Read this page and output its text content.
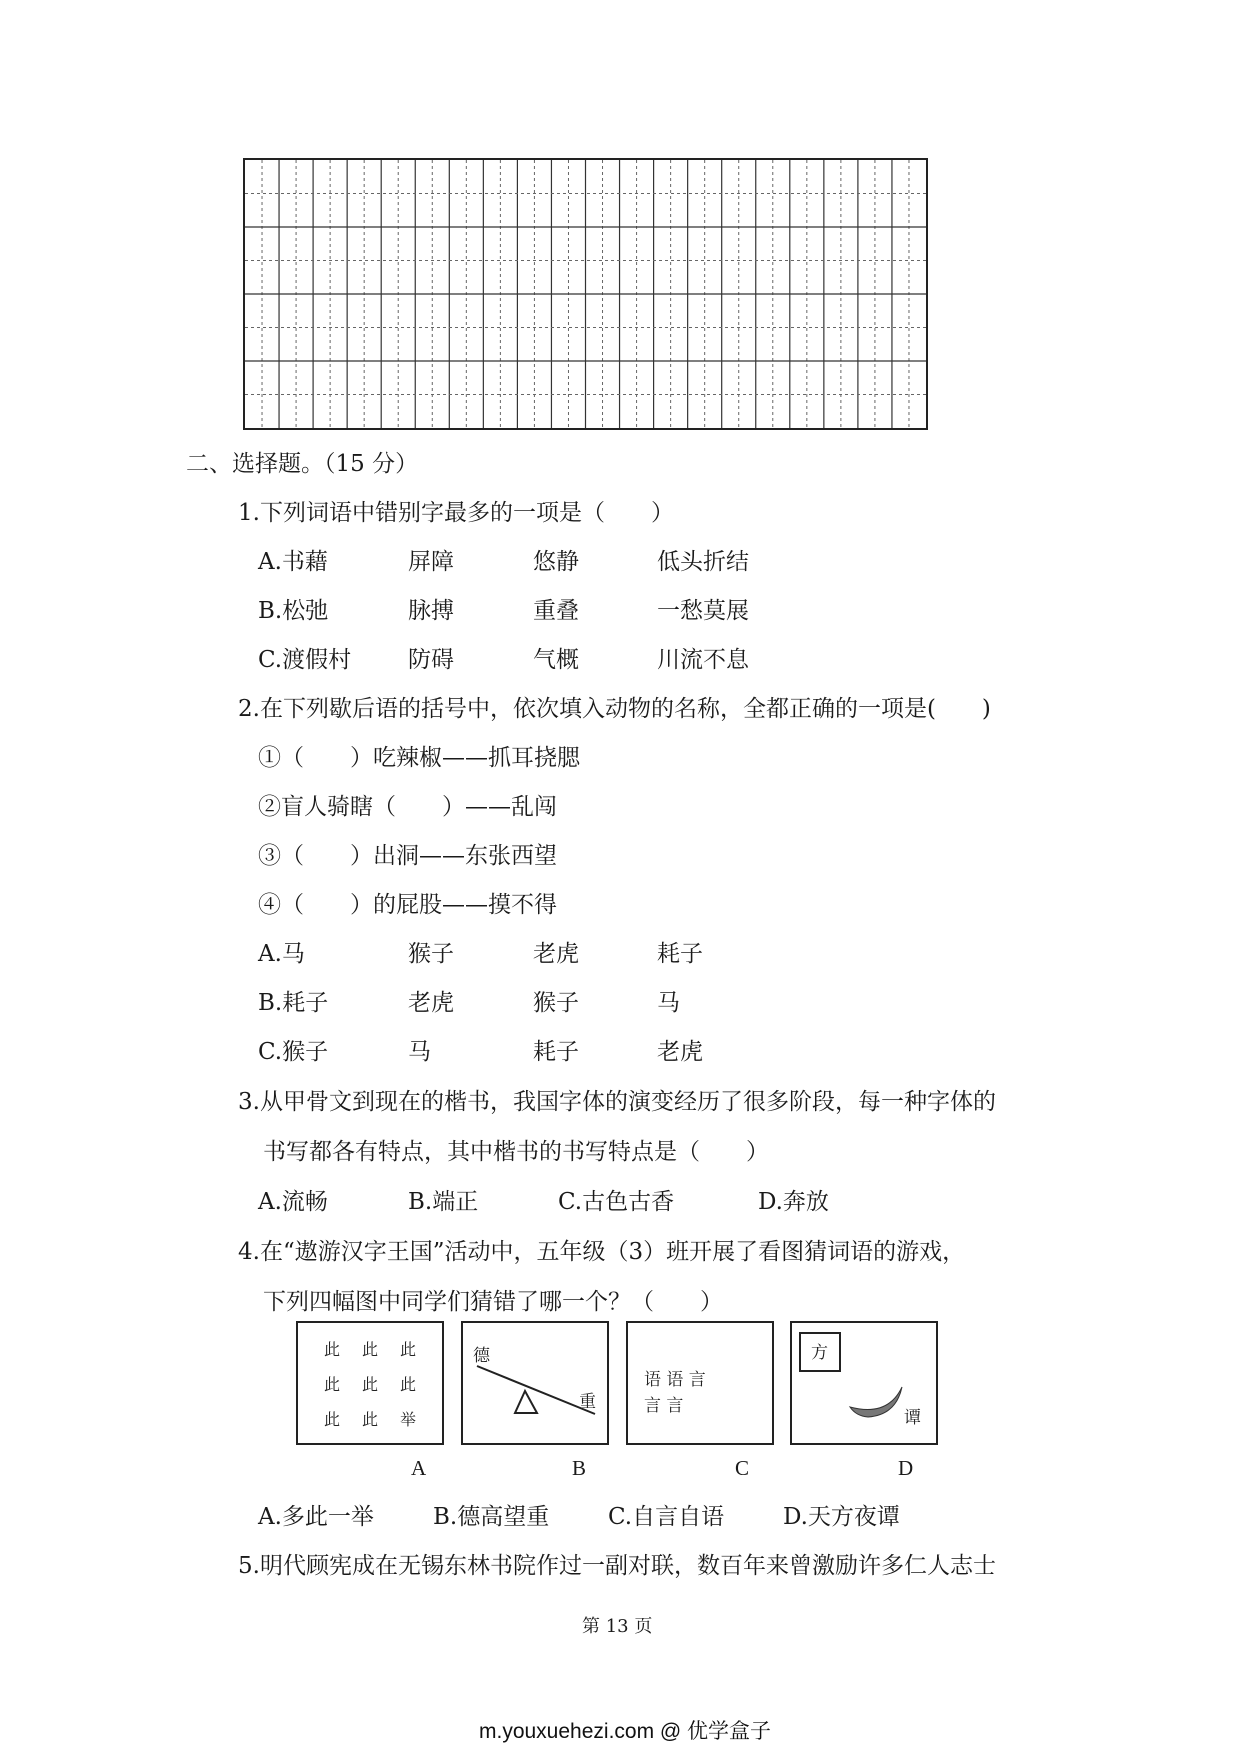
二、选择题。（15 分）
1.下列词语中错别字最多的一项是（　　）
A.书藉	屏障	悠静	低头折结
B.松弛	脉搏	重叠	一愁莫展
C.渡假村 防碍	气概	川流不息
2.在下列歇后语的括号中，依次填入动物的名称，全都正确的一项是(　　)
①（　　）吃辣椒——抓耳挠腮
②盲人骑瞎（　　）——乱闯
③（　　）出洞——东张西望
④（　　）的屁股——摸不得
A.马	猴子	老虎	耗子
B.耗子	老虎	猴子	马
C.猴子	马	耗子	老虎
3.从甲骨文到现在的楷书，我国字体的演变经历了很多阶段，每一种字体的
书写都各有特点，其中楷书的书写特点是（　　）
A.流畅	B.端正	C.古色古香	D.奔放
4.在“遨游汉字王国”活动中，五年级（3）班开展了看图猜词语的游戏，
下列四幅图中同学们猜错了哪一个？（　　）
此 此 此
此 此 此
此 此 举
德
重
语 语 言
言 言
方
谭
A	B	C	D
A.多此一举	B.德高望重	C.自言自语	D.天方夜谭
5.明代顾宪成在无锡东林书院作过一副对联，数百年来曾激励许多仁人志士
第 13 页
m.youxuehezi.com @ 优学盒子
